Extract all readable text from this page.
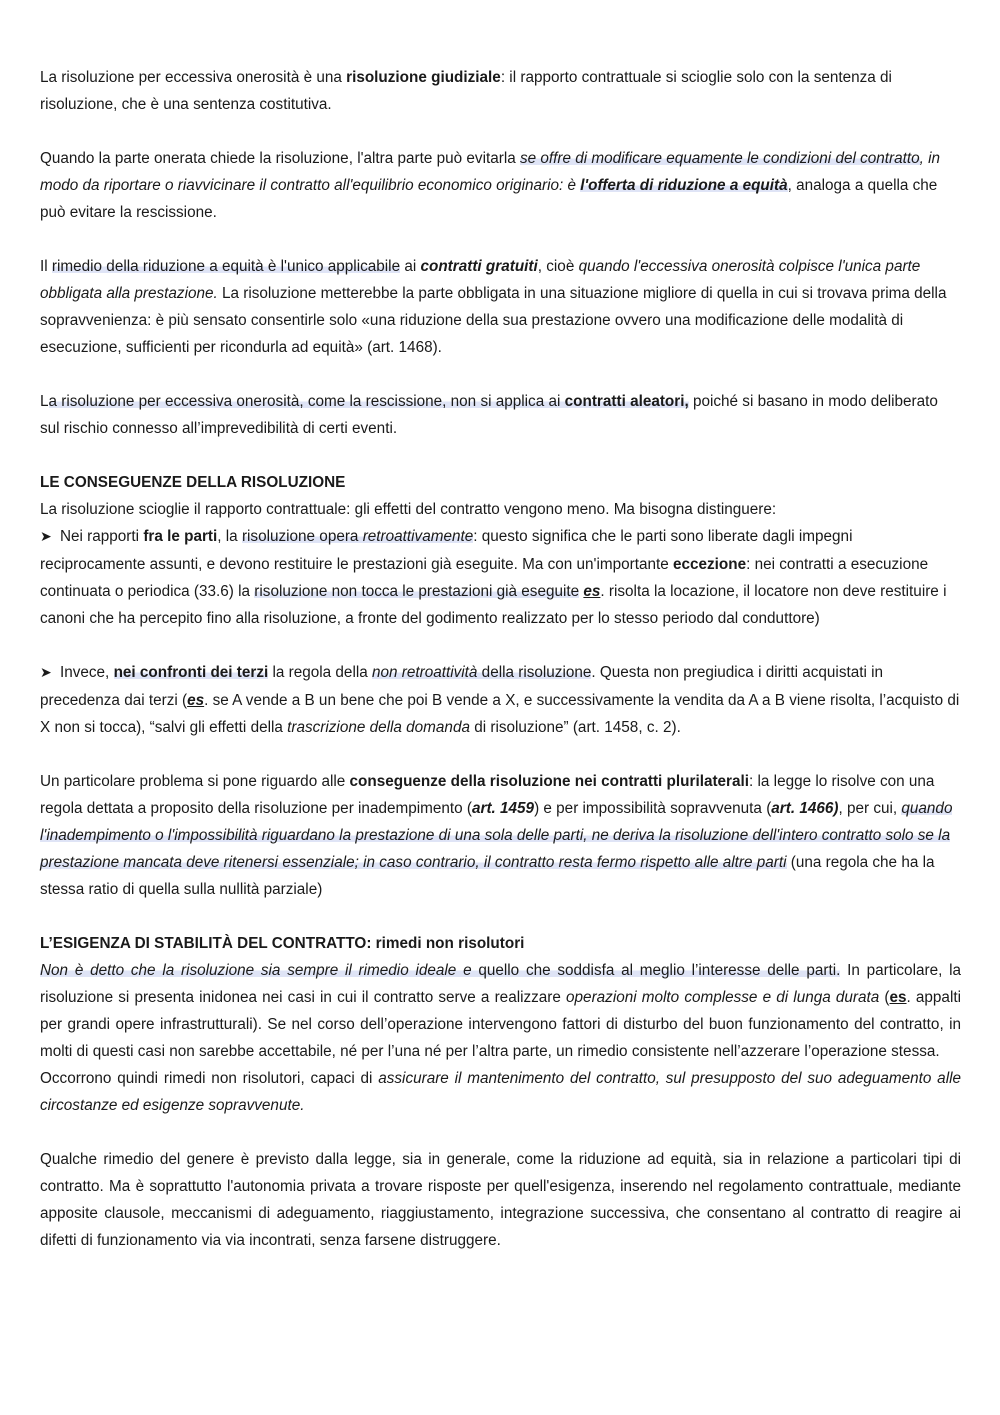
La risoluzione per eccessiva onerosità è una risoluzione giudiziale: il rapporto contrattuale si scioglie solo con la sentenza di risoluzione, che è una sentenza costitutiva.

Quando la parte onerata chiede la risoluzione, l'altra parte può evitarla se offre di modificare equamente le condizioni del contratto, in modo da riportare o riavvicinare il contratto all'equilibrio economico originario: è l'offerta di riduzione a equità, analoga a quella che può evitare la rescissione.

Il rimedio della riduzione a equità è l'unico applicabile ai contratti gratuiti, cioè quando l'eccessiva onerosità colpisce l'unica parte obbligata alla prestazione. La risoluzione metterebbe la parte obbligata in una situazione migliore di quella in cui si trovava prima della sopravvenienza: è più sensato consentirle solo «una riduzione della sua prestazione ovvero una modificazione delle modalità di esecuzione, sufficienti per ricondurla ad equità» (art. 1468).

La risoluzione per eccessiva onerosità, come la rescissione, non si applica ai contratti aleatori, poiché si basano in modo deliberato sul rischio connesso all’imprevedibilità di certi eventi.

LE CONSEGUENZE DELLA RISOLUZIONE

La risoluzione scioglie il rapporto contrattuale: gli effetti del contratto vengono meno. Ma bisogna distinguere:

➤ Nei rapporti fra le parti, la risoluzione opera retroattivamente: questo significa che le parti sono liberate dagli impegni reciprocamente assunti, e devono restituire le prestazioni già eseguite. Ma con un'importante eccezione: nei contratti a esecuzione continuata o periodica (33.6) la risoluzione non tocca le prestazioni già eseguite es. risolta la locazione, il locatore non deve restituire i canoni che ha percepito fino alla risoluzione, a fronte del godimento realizzato per lo stesso periodo dal conduttore)

➤ Invece, nei confronti dei terzi la regola della non retroattività della risoluzione. Questa non pregiudica i diritti acquistati in precedenza dai terzi (es. se A vende a B un bene che poi B vende a X, e successivamente la vendita da A a B viene risolta, l’acquisto di X non si tocca), “salvi gli effetti della trascrizione della domanda di risoluzione” (art. 1458, c. 2).

Un particolare problema si pone riguardo alle conseguenze della risoluzione nei contratti plurilaterali: la legge lo risolve con una regola dettata a proposito della risoluzione per inadempimento (art. 1459) e per impossibilità sopravvenuta (art. 1466), per cui, quando l'inadempimento o l'impossibilità riguardano la prestazione di una sola delle parti, ne deriva la risoluzione dell'intero contratto solo se la prestazione mancata deve ritenersi essenziale; in caso contrario, il contratto resta fermo rispetto alle altre parti (una regola che ha la stessa ratio di quella sulla nullità parziale)

L’ESIGENZA DI STABILITÀ DEL CONTRATTO: rimedi non risolutori

Non è detto che la risoluzione sia sempre il rimedio ideale e quello che soddisfa al meglio l’interesse delle parti. In particolare, la risoluzione si presenta inidonea nei casi in cui il contratto serve a realizzare operazioni molto complesse e di lunga durata (es. appalti per grandi opere infrastrutturali). Se nel corso dell’operazione intervengono fattori di disturbo del buon funzionamento del contratto, in molti di questi casi non sarebbe accettabile, né per l’una né per l’altra parte, un rimedio consistente nell’azzerare l’operazione stessa.

Occorrono quindi rimedi non risolutori, capaci di assicurare il mantenimento del contratto, sul presupposto del suo adeguamento alle circostanze ed esigenze sopravvenute.

Qualche rimedio del genere è previsto dalla legge, sia in generale, come la riduzione ad equità, sia in relazione a particolari tipi di contratto. Ma è soprattutto l'autonomia privata a trovare risposte per quell'esigenza, inserendo nel regolamento contrattuale, mediante apposite clausole, meccanismi di adeguamento, riaggiustamento, integrazione successiva, che consentano al contratto di reagire ai difetti di funzionamento via via incontrati, senza farsene distruggere.
